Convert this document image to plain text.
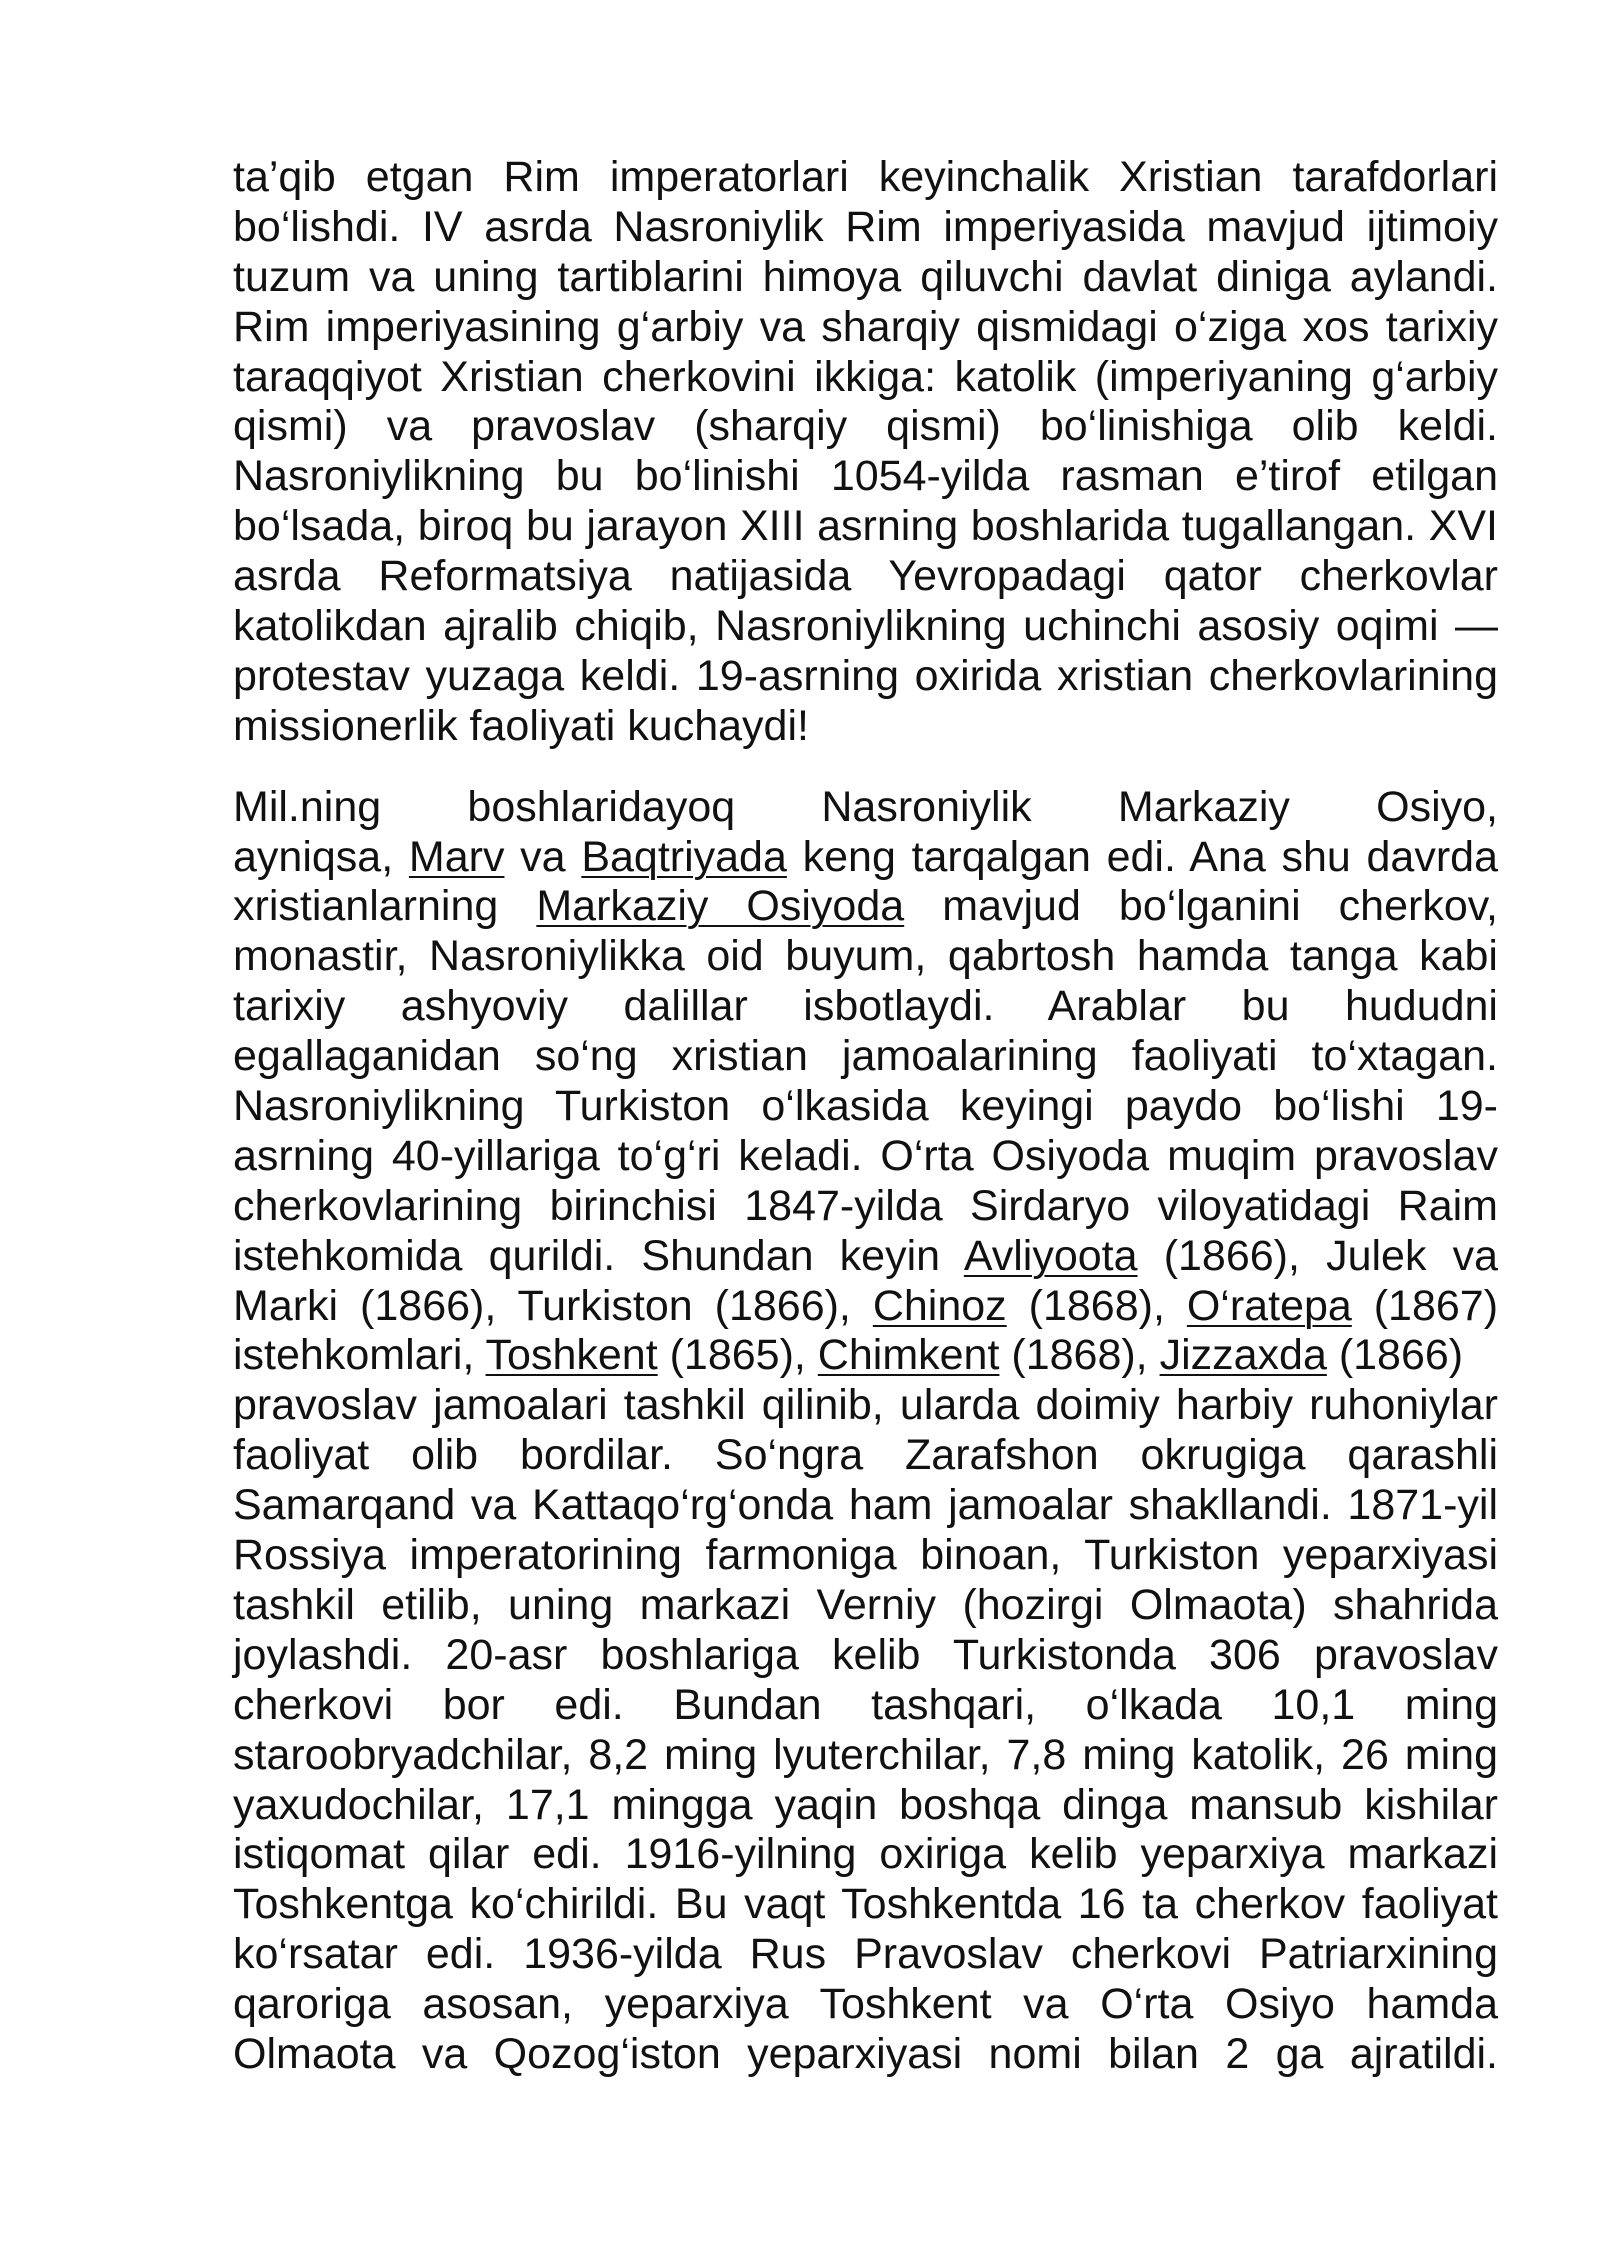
ta’qib etgan Rim imperatorlari keyinchalik Xristian tarafdorlari
bo‘lishdi. IV asrda Nasroniylik Rim imperiyasida mavjud ijtimoiy
tuzum va uning tartiblarini himoya qiluvchi davlat diniga aylandi.
Rim imperiyasining g‘arbiy va sharqiy qismidagi o‘ziga xos tarixiy
taraqqiyot Xristian cherkovini ikkiga: katolik (imperiyaning g‘arbiy
qismi) va pravoslav (sharqiy qismi) bo‘linishiga olib keldi.
Nasroniylikning bu bo‘linishi 1054-yilda rasman e’tirof etilgan
bo‘lsada, biroq bu jarayon XIII asrning boshlarida tugallangan. XVI
asrda Reformatsiya natijasida Yevropadagi qator cherkovlar
katolikdan ajralib chiqib, Nasroniylikning uchinchi asosiy oqimi —
protestav yuzaga keldi. 19-asrning oxirida xristian cherkovlarining
missionerlik faoliyati kuchaydi!
Mil.ning boshlaridayoq Nasroniylik Markaziy Osiyo,
ayniqsa, Marv va Baqtriyada keng tarqalgan edi. Ana shu davrda
xristianlarning Markaziy Osiyoda mavjud bo‘lganini cherkov,
monastir, Nasroniylikka oid buyum, qabrtosh hamda tanga kabi
tarixiy ashyoviy dalillar isbotlaydi. Arablar bu hududni
egallaganidan so‘ng xristian jamoalarining faoliyati to‘xtagan.
Nasroniylikning Turkiston o‘lkasida keyingi paydo bo‘lishi 19-
asrning 40-yillariga to‘g‘ri keladi. O‘rta Osiyoda muqim pravoslav
cherkovlarining birinchisi 1847-yilda Sirdaryo viloyatidagi Raim
istehkomida qurildi. Shundan keyin Avliyoota (1866), Julek va
Marki (1866), Turkiston (1866), Chinoz (1868), O‘ratepa (1867)
istehkomlari, Toshkent (1865), Chimkent (1868), Jizzaxda (1866)
pravoslav jamoalari tashkil qilinib, ularda doimiy harbiy ruhoniylar
faoliyat olib bordilar. So‘ngra Zarafshon okrugiga qarashli
Samarqand va Kattaqo‘rg‘onda ham jamoalar shakllandi. 1871-yil
Rossiya imperatorining farmoniga binoan, Turkiston yeparxiyasi
tashkil etilib, uning markazi Verniy (hozirgi Olmaota) shahrida
joylashdi. 20-asr boshlariga kelib Turkistonda 306 pravoslav
cherkovi bor edi. Bundan tashqari, o‘lkada 10,1 ming
staroobryadchilar, 8,2 ming lyuterchilar, 7,8 ming katolik, 26 ming
yaxudochilar, 17,1 mingga yaqin boshqa dinga mansub kishilar
istiqomat qilar edi. 1916-yilning oxiriga kelib yeparxiya markazi
Toshkentga ko‘chirildi. Bu vaqt Toshkentda 16 ta cherkov faoliyat
ko‘rsatar edi. 1936-yilda Rus Pravoslav cherkovi Patriarxining
qaroriga asosan, yeparxiya Toshkent va O‘rta Osiyo hamda
Olmaota va Qozog‘iston yeparxiyasi nomi bilan 2 ga ajratildi.
